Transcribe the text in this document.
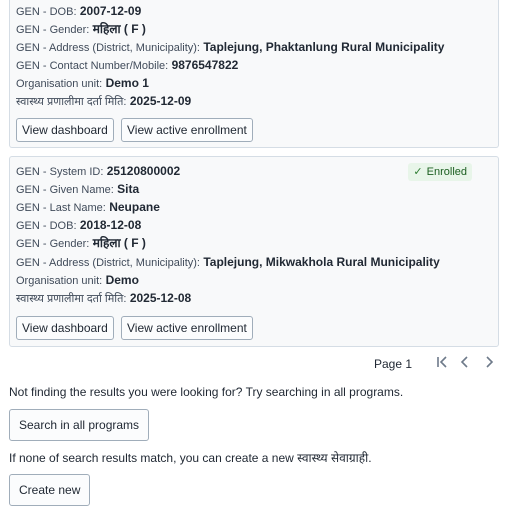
GEN - DOB: 2007-12-09
GEN - Gender: महिला ( F )
GEN - Address (District, Municipality): Taplejung, Phaktanlung Rural Municipality
GEN - Contact Number/Mobile: 9876547822
Organisation unit: Demo 1
स्वास्थ्य प्रणालीमा दर्ता मिति: 2025-12-09
View dashboard	View active enrollment
✓ Enrolled
GEN - System ID: 25120800002
GEN - Given Name: Sita
GEN - Last Name: Neupane
GEN - DOB: 2018-12-08
GEN - Gender: महिला ( F )
GEN - Address (District, Municipality): Taplejung, Mikwakhola Rural Municipality
Organisation unit: Demo
स्वास्थ्य प्रणालीमा दर्ता मिति: 2025-12-08
View dashboard	View active enrollment
Page 1
Not finding the results you were looking for? Try searching in all programs.
Search in all programs
If none of search results match, you can create a new स्वास्थ्य सेवाग्राही.
Create new
